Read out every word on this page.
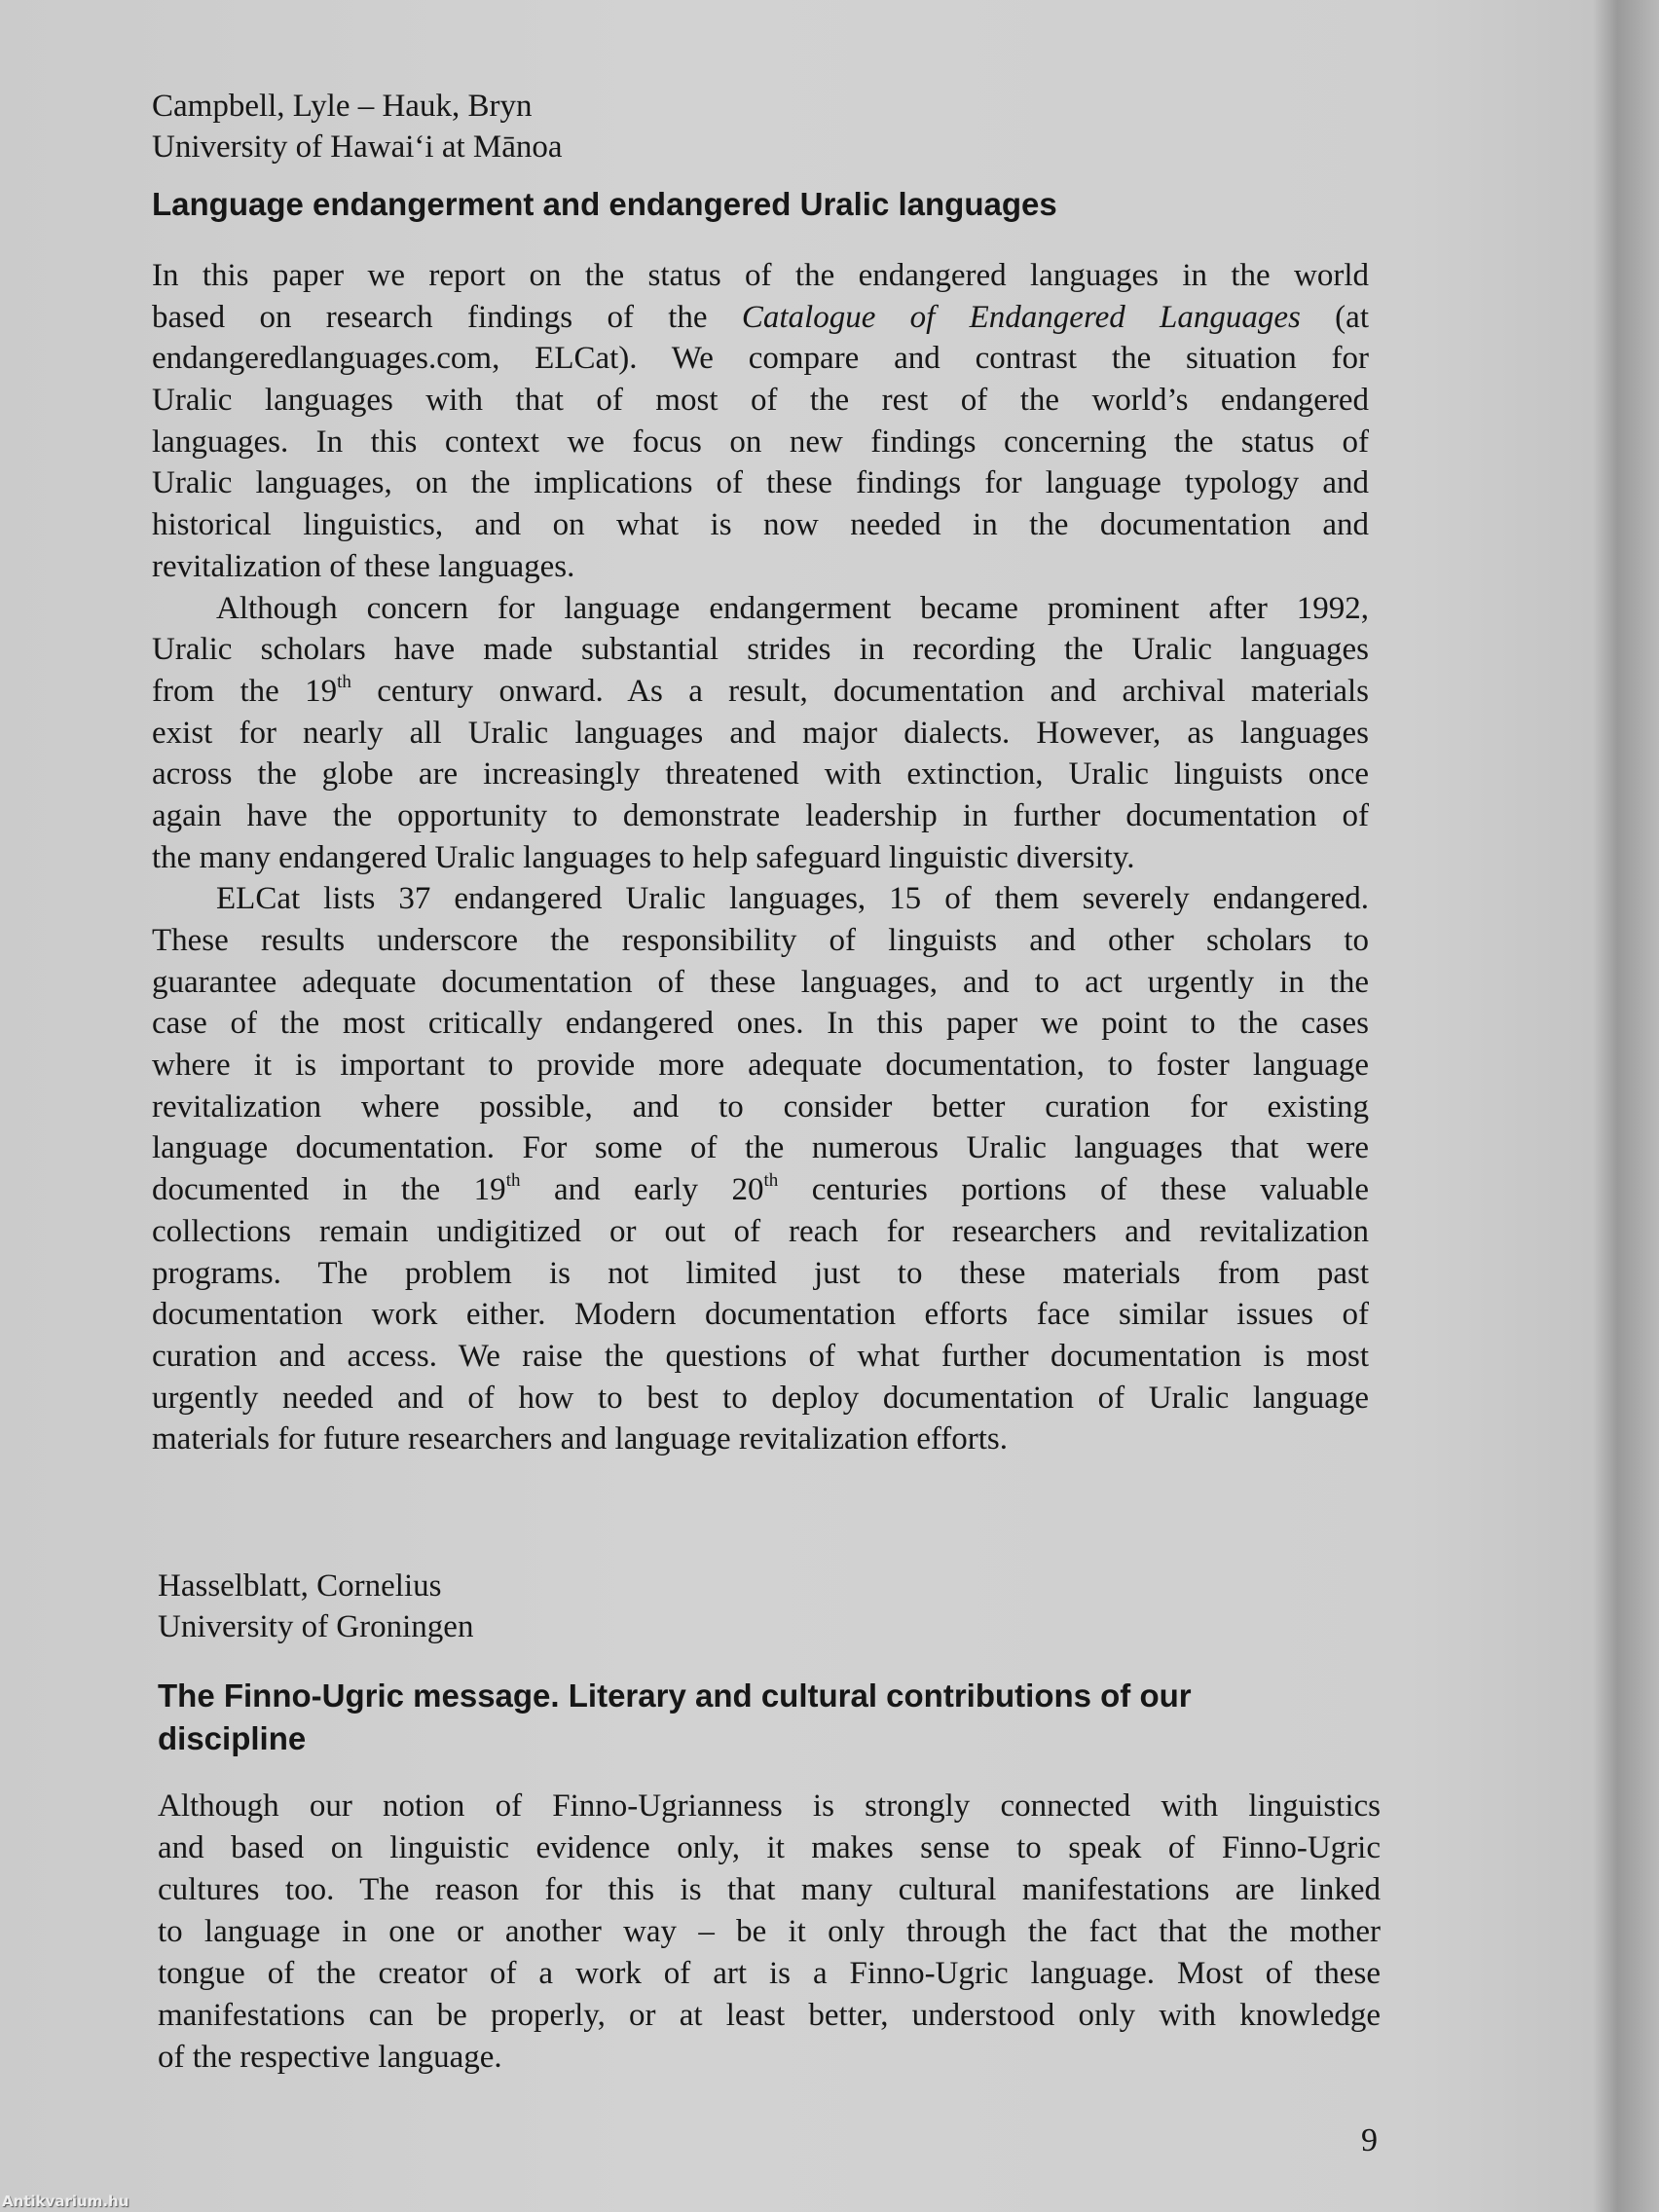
Campbell, Lyle – Hauk, Bryn
University of Hawai‘i at Mānoa
Language endangerment and endangered Uralic languages
In this paper we report on the status of the endangered languages in the world
based on research findings of the Catalogue of Endangered Languages (at
endangeredlanguages.com, ELCat). We compare and contrast the situation for
Uralic languages with that of most of the rest of the world’s endangered
languages. In this context we focus on new findings concerning the status of
Uralic languages, on the implications of these findings for language typology and
historical linguistics, and on what is now needed in the documentation and
revitalization of these languages.
Although concern for language endangerment became prominent after 1992,
Uralic scholars have made substantial strides in recording the Uralic languages
from the 19th century onward. As a result, documentation and archival materials
exist for nearly all Uralic languages and major dialects. However, as languages
across the globe are increasingly threatened with extinction, Uralic linguists once
again have the opportunity to demonstrate leadership in further documentation of
the many endangered Uralic languages to help safeguard linguistic diversity.
ELCat lists 37 endangered Uralic languages, 15 of them severely endangered.
These results underscore the responsibility of linguists and other scholars to
guarantee adequate documentation of these languages, and to act urgently in the
case of the most critically endangered ones. In this paper we point to the cases
where it is important to provide more adequate documentation, to foster language
revitalization where possible, and to consider better curation for existing
language documentation. For some of the numerous Uralic languages that were
documented in the 19th and early 20th centuries portions of these valuable
collections remain undigitized or out of reach for researchers and revitalization
programs. The problem is not limited just to these materials from past
documentation work either. Modern documentation efforts face similar issues of
curation and access. We raise the questions of what further documentation is most
urgently needed and of how to best to deploy documentation of Uralic language
materials for future researchers and language revitalization efforts.
Hasselblatt, Cornelius
University of Groningen
The Finno-Ugric message. Literary and cultural contributions of our discipline
Although our notion of Finno-Ugrianness is strongly connected with linguistics
and based on linguistic evidence only, it makes sense to speak of Finno-Ugric
cultures too. The reason for this is that many cultural manifestations are linked
to language in one or another way – be it only through the fact that the mother
tongue of the creator of a work of art is a Finno-Ugric language. Most of these
manifestations can be properly, or at least better, understood only with knowledge
of the respective language.
9
Antikvarium.hu
